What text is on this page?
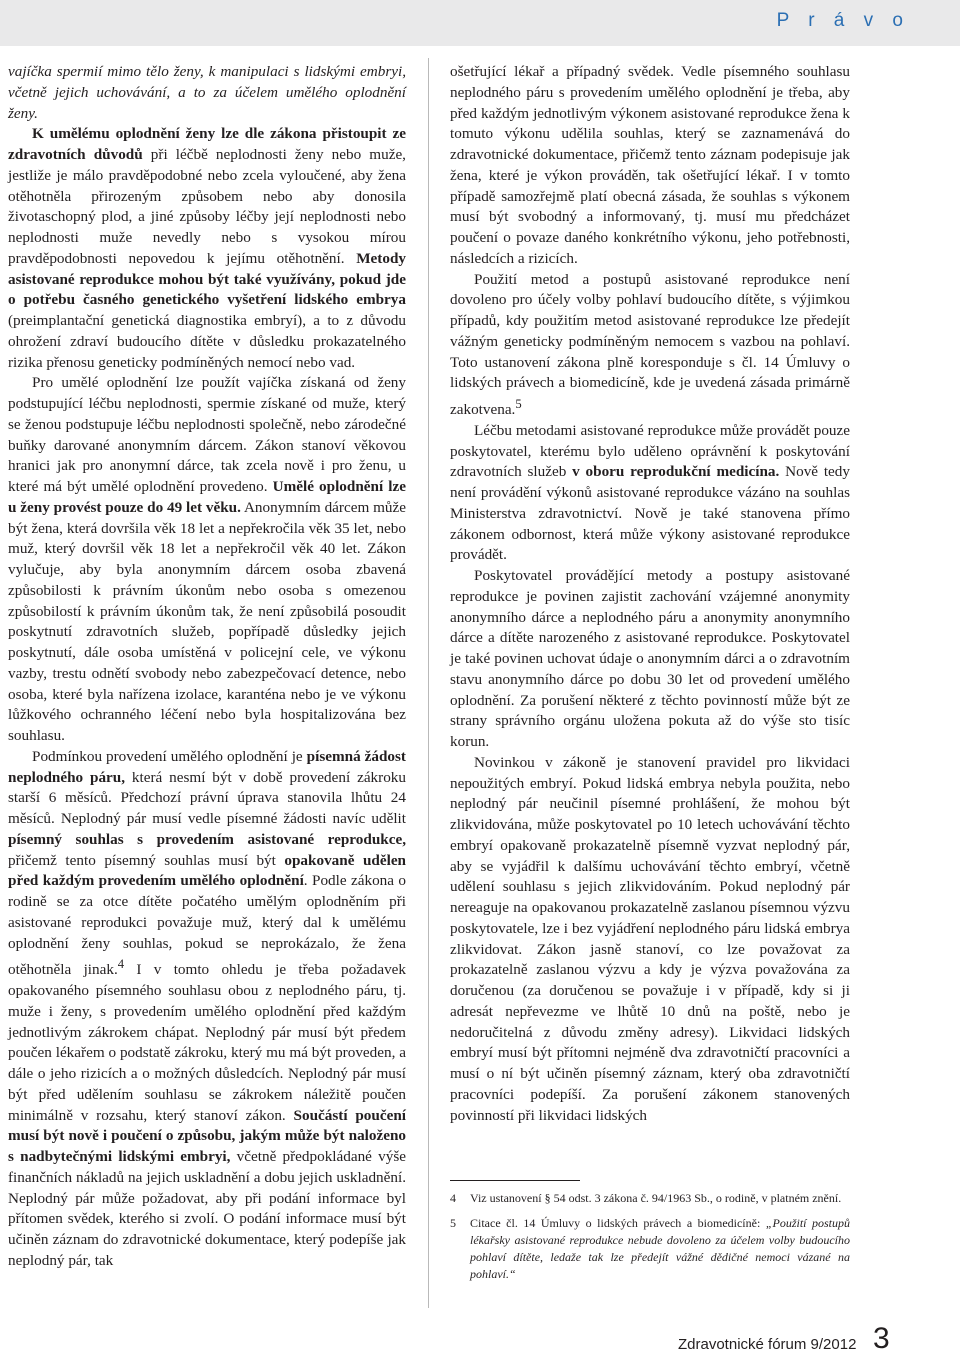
P r á v o

vajíčka spermií mimo tělo ženy, k manipulaci s lidskými embryi, včetně jejich uchovávání, a to za účelem umělého oplodnění ženy.

K umělému oplodnění ženy lze dle zákona přistoupit ze zdravotních důvodů při léčbě neplodnosti ženy nebo muže, jestliže je málo pravděpodobné nebo zcela vyloučené, aby žena otěhotněla přirozeným způsobem nebo aby donosila životaschopný plod, a jiné způsoby léčby její neplodnosti nebo neplodnosti muže nevedly nebo s vysokou mírou pravděpodobnosti nepovedou k jejímu otěhotnění. Metody asistované reprodukce mohou být také využívány, pokud jde o potřebu časného genetického vyšetření lidského embrya (preimplantační genetická diagnostika embryí), a to z důvodu ohrožení zdraví budoucího dítěte v důsledku prokazatelného rizika přenosu geneticky podmíněných nemocí nebo vad.

Pro umělé oplodnění lze použít vajíčka získaná od ženy podstupující léčbu neplodnosti, spermie získané od muže, který se ženou podstupuje léčbu neplodnosti společně, nebo zárodečné buňky darované anonymním dárcem. Zákon stanoví věkovou hranici jak pro anonymní dárce, tak zcela nově i pro ženu, u které má být umělé oplodnění provedeno. Umělé oplodnění lze u ženy provést pouze do 49 let věku. Anonymním dárcem může být žena, která dovršila věk 18 let a nepřekročila věk 35 let, nebo muž, který dovršil věk 18 let a nepřekročil věk 40 let. Zákon vylučuje, aby byla anonymním dárcem osoba zbavená způsobilosti k právním úkonům nebo osoba s omezenou způsobilostí k právním úkonům tak, že není způsobilá posoudit poskytnutí zdravotních služeb, popřípadě důsledky jejich poskytnutí, dále osoba umístěná v policejní cele, ve výkonu vazby, trestu odnětí svobody nebo zabezpečovací detence, nebo osoba, které byla nařízena izolace, karanténa nebo je ve výkonu lůžkového ochranného léčení nebo byla hospitalizována bez souhlasu.

Podmínkou provedení umělého oplodnění je písemná žádost neplodného páru, která nesmí být v době provedení zákroku starší 6 měsíců. Předchozí právní úprava stanovila lhůtu 24 měsíců. Neplodný pár musí vedle písemné žádosti navíc udělit písemný souhlas s provedením asistované reprodukce, přičemž tento písemný souhlas musí být opakovaně udělen před každým provedením umělého oplodnění. Podle zákona o rodině se za otce dítěte počatého umělým oplodněním při asistované reprodukci považuje muž, který dal k umělému oplodnění ženy souhlas, pokud se neprokázalo, že žena otěhotněla jinak.$^4$ I v tomto ohledu je třeba požadavek opakovaného písemného souhlasu obou z neplodného páru, tj. muže i ženy, s provedením umělého oplodnění před každým jednotlivým zákrokem chápat. Neplodný pár musí být předem poučen lékařem o podstatě zákroku, který mu má být proveden, a dále o jeho rizicích a o možných důsledcích. Neplodný pár musí být před udělením souhlasu se zákrokem náležitě poučen minimálně v rozsahu, který stanoví zákon. Součástí poučení musí být nově i poučení o způsobu, jakým může být naloženo s nadbytečnými lidskými embryi, včetně předpokládané výše finančních nákladů na jejich uskladnění a dobu jejich uskladnění. Neplodný pár může požadovat, aby při podání informace byl přítomen svědek, kterého si zvolí. O podání informace musí být učiněn záznam do zdravotnické dokumentace, který podepíše jak neplodný pár, tak

ošetřující lékař a případný svědek. Vedle písemného souhlasu neplodného páru s provedením umělého oplodnění je třeba, aby před každým jednotlivým výkonem asistované reprodukce žena k tomuto výkonu udělila souhlas, který se zaznamenává do zdravotnické dokumentace, přičemž tento záznam podepisuje jak žena, které je výkon prováděn, tak ošetřující lékař. I v tomto případě samozřejmě platí obecná zásada, že souhlas s výkonem musí být svobodný a informovaný, tj. musí mu předcházet poučení o povaze daného konkrétního výkonu, jeho potřebnosti, následcích a rizicích.

Použití metod a postupů asistované reprodukce není dovoleno pro účely volby pohlaví budoucího dítěte, s výjimkou případů, kdy použitím metod asistované reprodukce lze předejít vážným geneticky podmíněným nemocem s vazbou na pohlaví. Toto ustanovení zákona plně koresponduje s čl. 14 Úmluvy o lidských právech a biomedicíně, kde je uvedená zásada primárně zakotvena.$^5$

Léčbu metodami asistované reprodukce může provádět pouze poskytovatel, kterému bylo uděleno oprávnění k poskytování zdravotních služeb v oboru reprodukční medicína. Nově tedy není provádění výkonů asistované reprodukce vázáno na souhlas Ministerstva zdravotnictví. Nově je také stanovena přímo zákonem odbornost, která může výkony asistované reprodukce provádět.

Poskytovatel provádějící metody a postupy asistované reprodukce je povinen zajistit zachování vzájemné anonymity anonymního dárce a neplodného páru a anonymity anonymního dárce a dítěte narozeného z asistované reprodukce. Poskytovatel je také povinen uchovat údaje o anonymním dárci a o zdravotním stavu anonymního dárce po dobu 30 let od provedení umělého oplodnění. Za porušení některé z těchto povinností může být ze strany správního orgánu uložena pokuta až do výše sto tisíc korun.

Novinkou v zákoně je stanovení pravidel pro likvidaci nepoužitých embryí. Pokud lidská embrya nebyla použita, nebo neplodný pár neučinil písemné prohlášení, že mohou být zlikvidována, může poskytovatel po 10 letech uchovávání těchto embryí opakovaně prokazatelně písemně vyzvat neplodný pár, aby se vyjádřil k dalšímu uchovávání těchto embryí, včetně udělení souhlasu s jejich zlikvidováním. Pokud neplodný pár nereaguje na opakovanou prokazatelně zaslanou písemnou výzvu poskytovatele, lze i bez vyjádření neplodného páru lidská embrya zlikvidovat. Zákon jasně stanoví, co lze považovat za prokazatelně zaslanou výzvu a kdy je výzva považována za doručenou (za doručenou se považuje i v případě, kdy si ji adresát nepřevezme ve lhůtě 10 dnů na poště, nebo je nedoručitelná z důvodu změny adresy). Likvidaci lidských embryí musí být přítomni nejméně dva zdravotničtí pracovníci a musí o ní být učiněn písemný záznam, který oba zdravotničtí pracovníci podepíší. Za porušení zákonem stanovených povinností při likvidaci lidských

4	Viz ustanovení § 54 odst. 3 zákona č. 94/1963 Sb., o rodině, v platném znění.
5	Citace čl. 14 Úmluvy o lidských právech a biomedicíně: „Použití postupů lékařsky asistované reprodukce nebude dovoleno za účelem volby budoucího pohlaví dítěte, ledaže tak lze předejít vážné dědičné nemoci vázané na pohlaví.“
Zdravotnické fórum 9/2012 3
